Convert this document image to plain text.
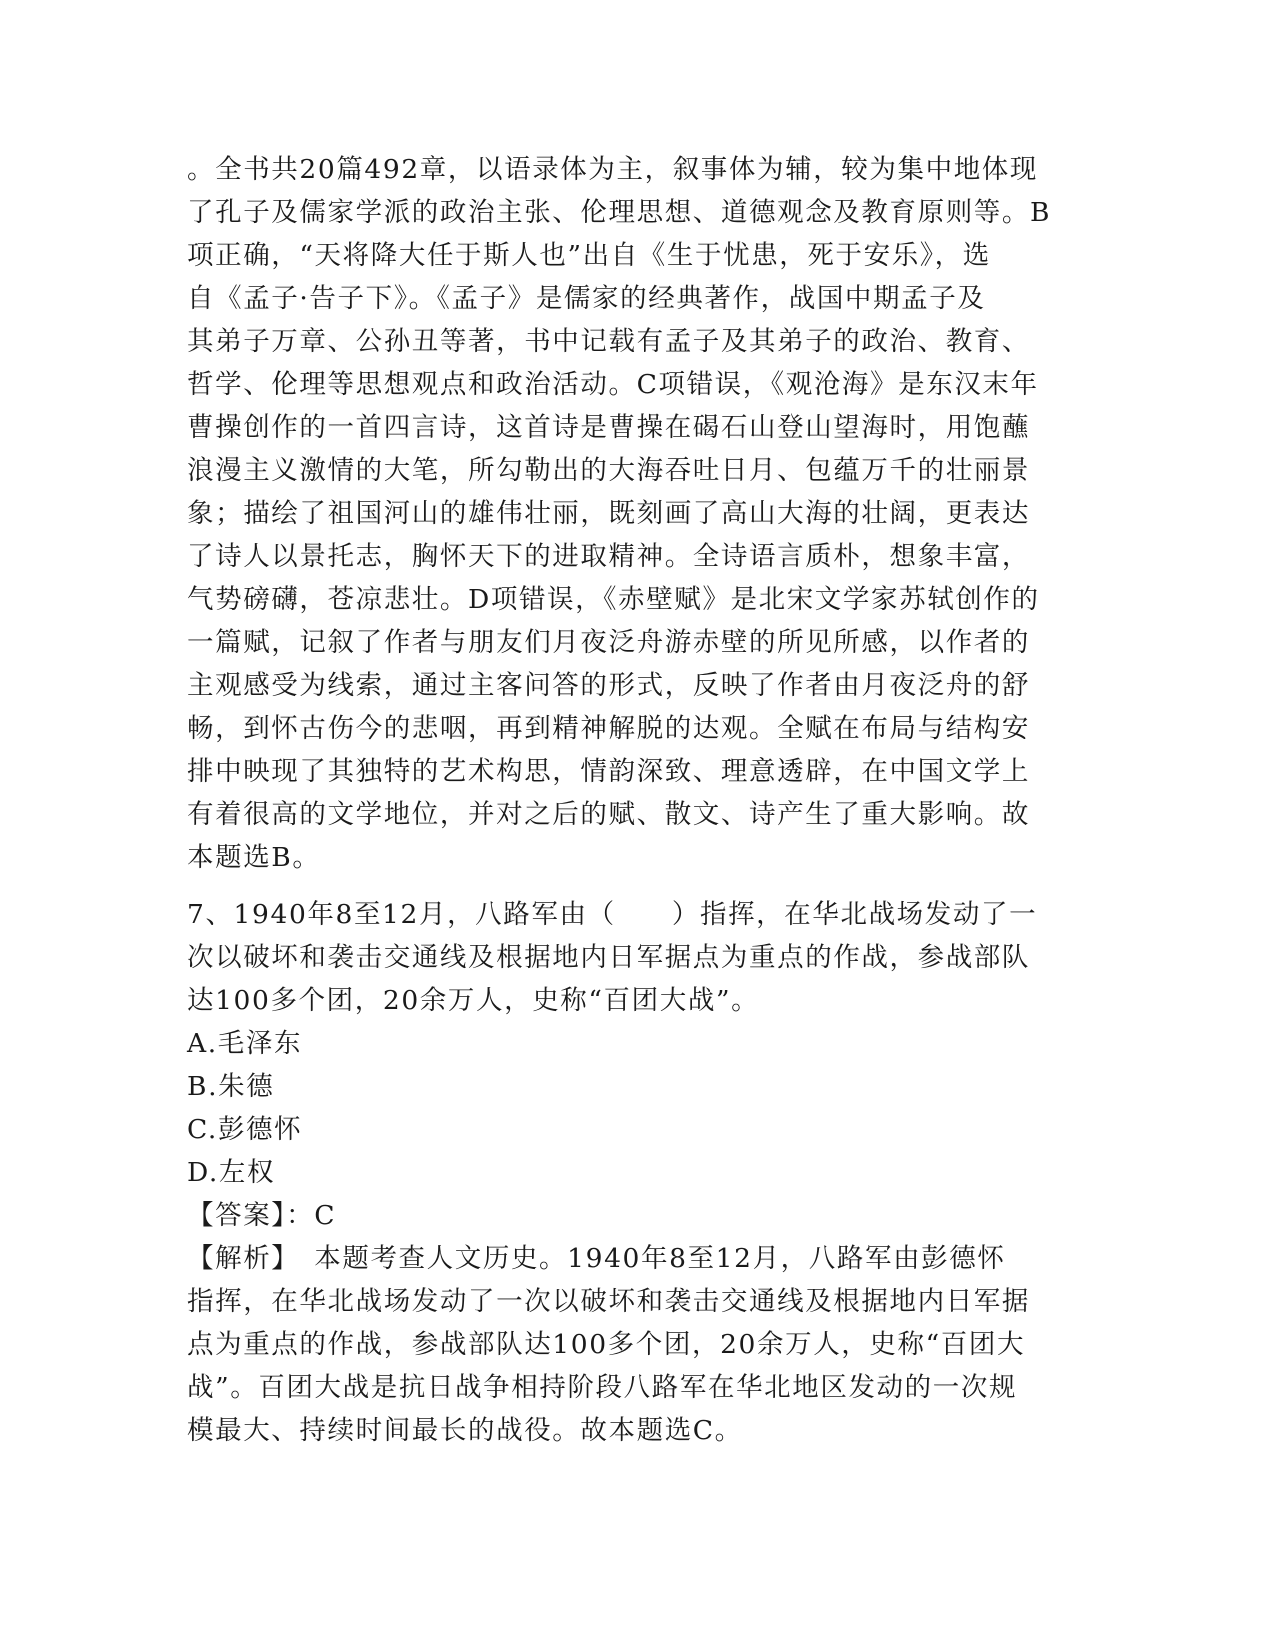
。全书共20篇492章，以语录体为主，叙事体为辅，较为集中地体现
了孔子及儒家学派的政治主张、伦理思想、道德观念及教育原则等。B
项正确，“天将降大任于斯人也”出自《生于忧患，死于安乐》，选
自《孟子·告子下》。《孟子》是儒家的经典著作，战国中期孟子及
其弟子万章、公孙丑等著，书中记载有孟子及其弟子的政治、教育、
哲学、伦理等思想观点和政治活动。C项错误，《观沧海》是东汉末年
曹操创作的一首四言诗，这首诗是曹操在碣石山登山望海时，用饱蘸
浪漫主义激情的大笔，所勾勒出的大海吞吐日月、包蕴万千的壮丽景
象；描绘了祖国河山的雄伟壮丽，既刻画了高山大海的壮阔，更表达
了诗人以景托志，胸怀天下的进取精神。全诗语言质朴，想象丰富，
气势磅礴，苍凉悲壮。D项错误，《赤壁赋》是北宋文学家苏轼创作的
一篇赋，记叙了作者与朋友们月夜泛舟游赤壁的所见所感，以作者的
主观感受为线索，通过主客问答的形式，反映了作者由月夜泛舟的舒
畅，到怀古伤今的悲咽，再到精神解脱的达观。全赋在布局与结构安
排中映现了其独特的艺术构思，情韵深致、理意透辟，在中国文学上
有着很高的文学地位，并对之后的赋、散文、诗产生了重大影响。故
本题选B。
7、1940年8至12月，八路军由（　　）指挥，在华北战场发动了一
次以破坏和袭击交通线及根据地内日军据点为重点的作战，参战部队
达100多个团，20余万人，史称“百团大战”。
A.毛泽东
B.朱德
C.彭德怀
D.左权
【答案】：C
【解析】　本题考查人文历史。1940年8至12月，八路军由彭德怀
指挥，在华北战场发动了一次以破坏和袭击交通线及根据地内日军据
点为重点的作战，参战部队达100多个团，20余万人，史称“百团大
战”。百团大战是抗日战争相持阶段八路军在华北地区发动的一次规
模最大、持续时间最长的战役。故本题选C。
